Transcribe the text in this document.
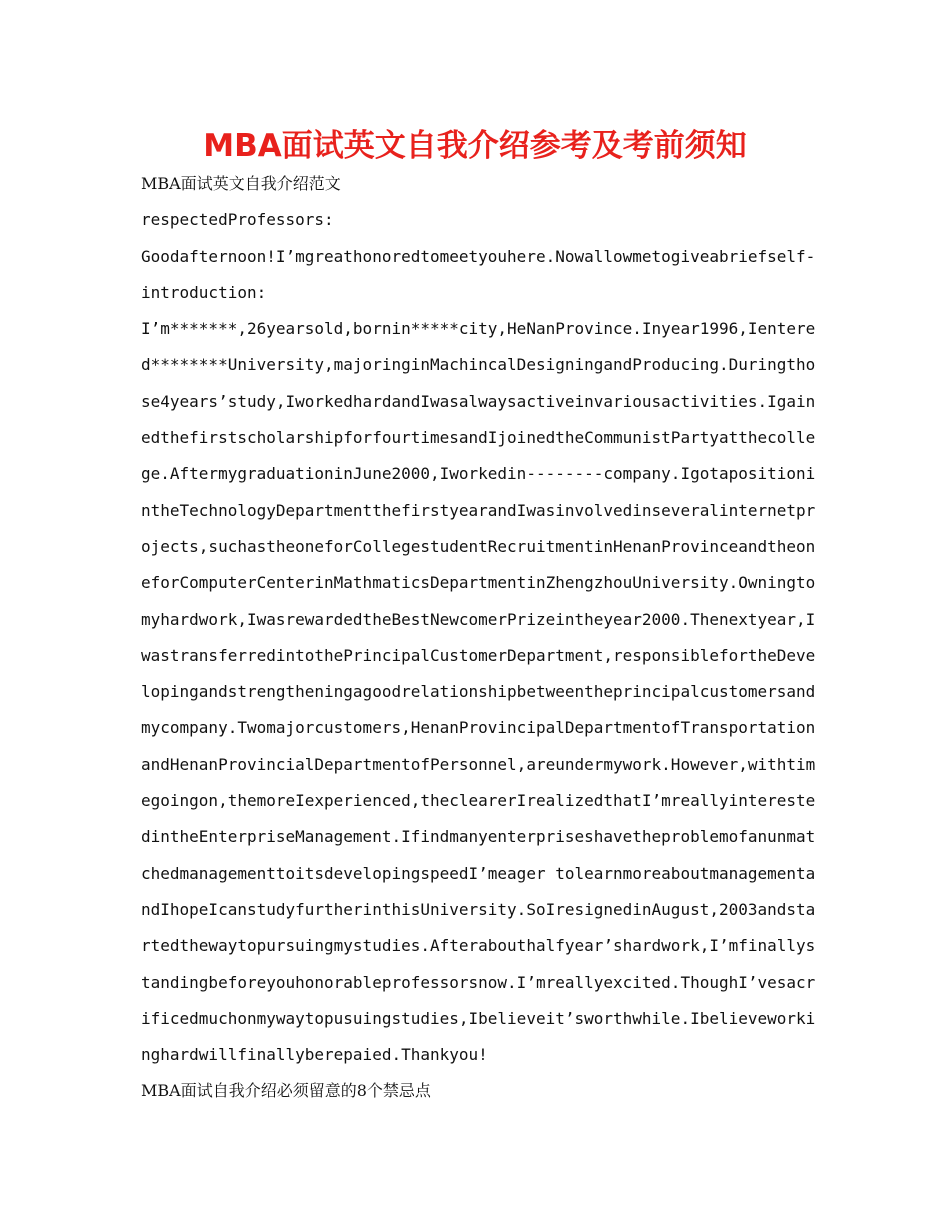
MBA面试英文自我介绍参考及考前须知

MBA面试英文自我介绍范文

respectedProfessors:

Goodafternoon!I’mgreathonoredtomeetyouhere.Nowallowmetogiveabriefself-introduction:

I’m*******,26yearsold,bornin*****city,HeNanProvince.Inyear1996,Ientered********University,majoringinMachincalDesigningandProducing.Duringthose4years’study,IworkedhardandIwasalwaysactiveinvariousactivities.IgainedthefirstscholarshipforfourtimesandIjoinedtheCommunistPartyatthecollege.AftermygraduationinJune2000,Iworkedin--------company.IgotapositionintheTechnologyDepartmentthefirstyearandIwasinvolvedinseveralinternetprojects,suchastheoneforCollegestudentRecruitmentinHenanProvinceandtheoneforComputerCenterinMathmaticsDepartmentinZhengzhouUniversity.Owningtomyhardwork,IwasrewardedtheBestNewcomerPrizeintheyear2000.Thenextyear,IwastransferredintothePrincipalCustomerDepartment,responsiblefortheDevelopingandstrengtheningagoodrelationshipbetweentheprincipalcustomersandmycompany.Twomajorcustomers,HenanProvincipalDepartmentofTransportationandHenanProvincialDepartmentofPersonnel,areundermywork.However,withtimegoingon,themoreIexperienced,theclearerIrealizedthatI’mreallyinterestedintheEnterpriseManagement.IfindmanyenterpriseshavetheproblemofanunmatchedmanagementtoitsdevelopingspeedI’meager tolearnmoreaboutmanagementandIhopeIcanstudyfurtherinthisUniversity.SoIresignedinAugust,2003andstartedthewaytopursuingmystudies.Afterabouthalfyear’shardwork,I’mfinallystandingbeforeyouhonorableprofessorsnow.I’mreallyexcited.ThoughI’vesacrificedmuchonmywaytopusuingstudies,Ibelieveit’sworthwhile.Ibelieveworkinghardwillfinallyberepaied.Thankyou!

MBA面试自我介绍必须留意的8个禁忌点
